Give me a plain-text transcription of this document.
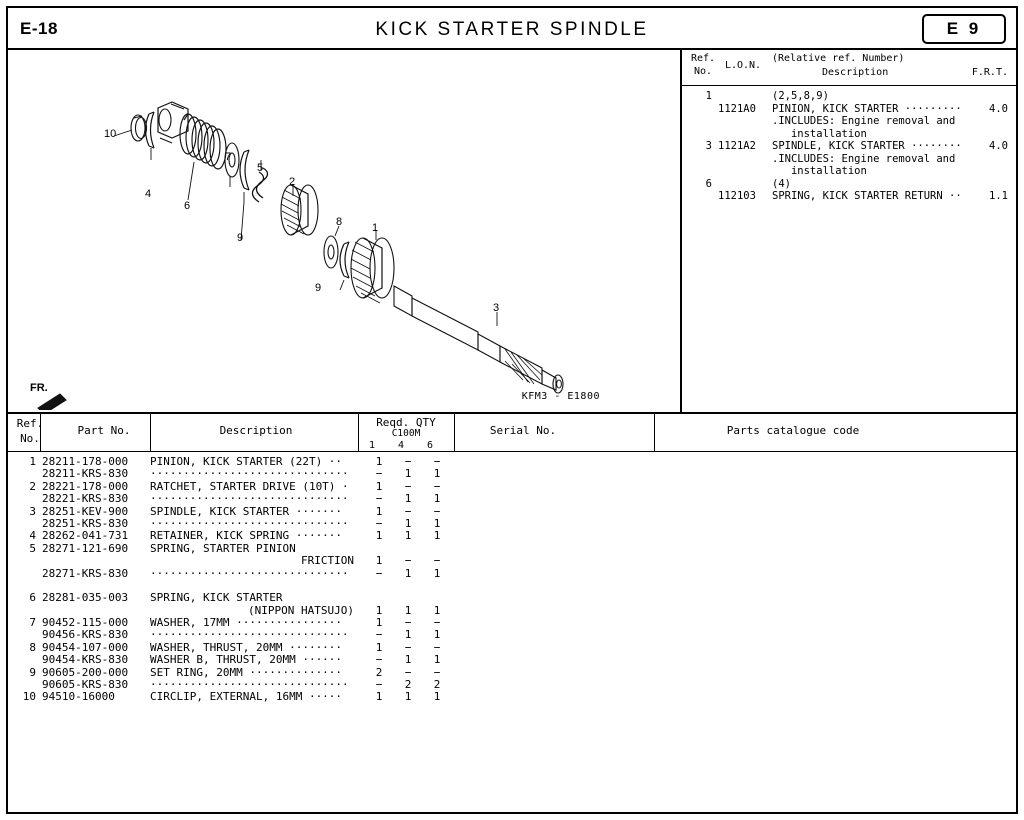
E-18	KICK STARTER SPINDLE	E 9
10
4
6
7
9
5
2
8
9
1
3
FR.
KFM3 - E1800
Ref.
No.	L.O.N.
(Relative ref. Number)
Description	F.R.T.
1	(2,5,8,9)
1121A0 PINION, KICK STARTER ·········	4.0
.INCLUDES: Engine removal and
installation
3 1121A2 SPINDLE, KICK STARTER ········	4.0
.INCLUDES: Engine removal and
installation
6	(4)
112103 SPRING, KICK STARTER RETURN ··	1.1
Ref.
No.
Part No.	Description
Reqd. QTY
C100M
1	4	6
Serial No.	Parts catalogue code
1 28211-178-000 PINION, KICK STARTER (22T) ··	1 − −
28211-KRS-830 ······························ − 1 1
2 28221-178-000 RATCHET, STARTER DRIVE (10T) · 1 − −
28221-KRS-830 ······························ − 1 1
3 28251-KEV-900 SPINDLE, KICK STARTER ·······	1 − −
28251-KRS-830 ······························ − 1 1
4 28262-041-731 RETAINER, KICK SPRING ·······	1 1 1
5 28271-121-690 SPRING, STARTER PINION
FRICTION 1 − −
28271-KRS-830 ······························ − 1 1
6 28281-035-003 SPRING, KICK STARTER
(NIPPON HATSUJO) 1 1 1
7 90452-115-000 WASHER, 17MM ················	1 − −
90456-KRS-830 ······························ − 1 1
8 90454-107-000 WASHER, THRUST, 20MM ········	1 − −
90454-KRS-830 WASHER B, THRUST, 20MM ······	− 1 1
9 90605-200-000 SET RING, 20MM ··············	2 − −
90605-KRS-830 ······························ − 2 2
10 94510-16000	CIRCLIP, EXTERNAL, 16MM ·····	1 1 1
